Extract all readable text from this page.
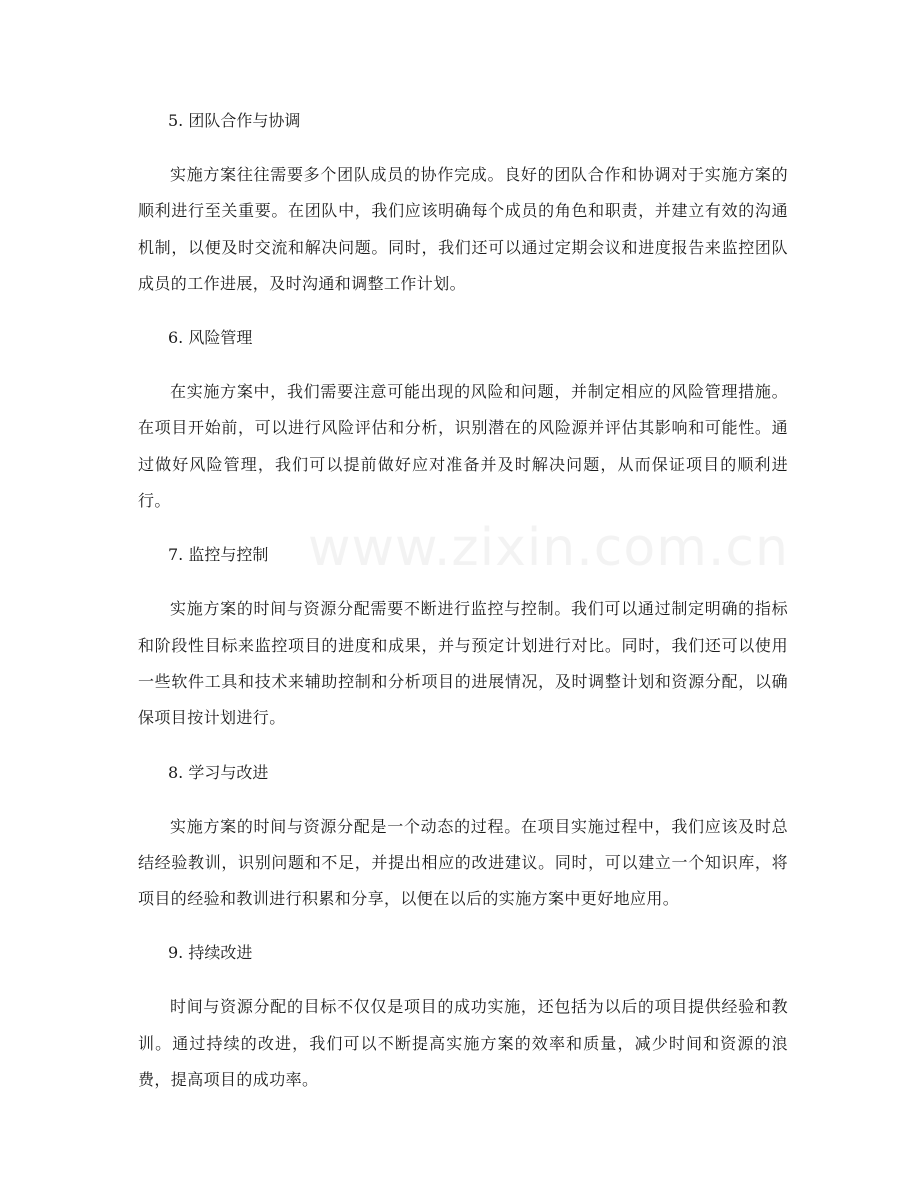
www.zixin.com.cn
5. 团队合作与协调

实施方案往往需要多个团队成员的协作完成。良好的团队合作和协调对于实施方案的顺利进行至关重要。在团队中，我们应该明确每个成员的角色和职责，并建立有效的沟通机制，以便及时交流和解决问题。同时，我们还可以通过定期会议和进度报告来监控团队成员的工作进展，及时沟通和调整工作计划。

6. 风险管理

在实施方案中，我们需要注意可能出现的风险和问题，并制定相应的风险管理措施。在项目开始前，可以进行风险评估和分析，识别潜在的风险源并评估其影响和可能性。通过做好风险管理，我们可以提前做好应对准备并及时解决问题，从而保证项目的顺利进行。

7. 监控与控制

实施方案的时间与资源分配需要不断进行监控与控制。我们可以通过制定明确的指标和阶段性目标来监控项目的进度和成果，并与预定计划进行对比。同时，我们还可以使用一些软件工具和技术来辅助控制和分析项目的进展情况，及时调整计划和资源分配，以确保项目按计划进行。

8. 学习与改进

实施方案的时间与资源分配是一个动态的过程。在项目实施过程中，我们应该及时总结经验教训，识别问题和不足，并提出相应的改进建议。同时，可以建立一个知识库，将项目的经验和教训进行积累和分享，以便在以后的实施方案中更好地应用。

9. 持续改进

时间与资源分配的目标不仅仅是项目的成功实施，还包括为以后的项目提供经验和教训。通过持续的改进，我们可以不断提高实施方案的效率和质量，减少时间和资源的浪费，提高项目的成功率。
